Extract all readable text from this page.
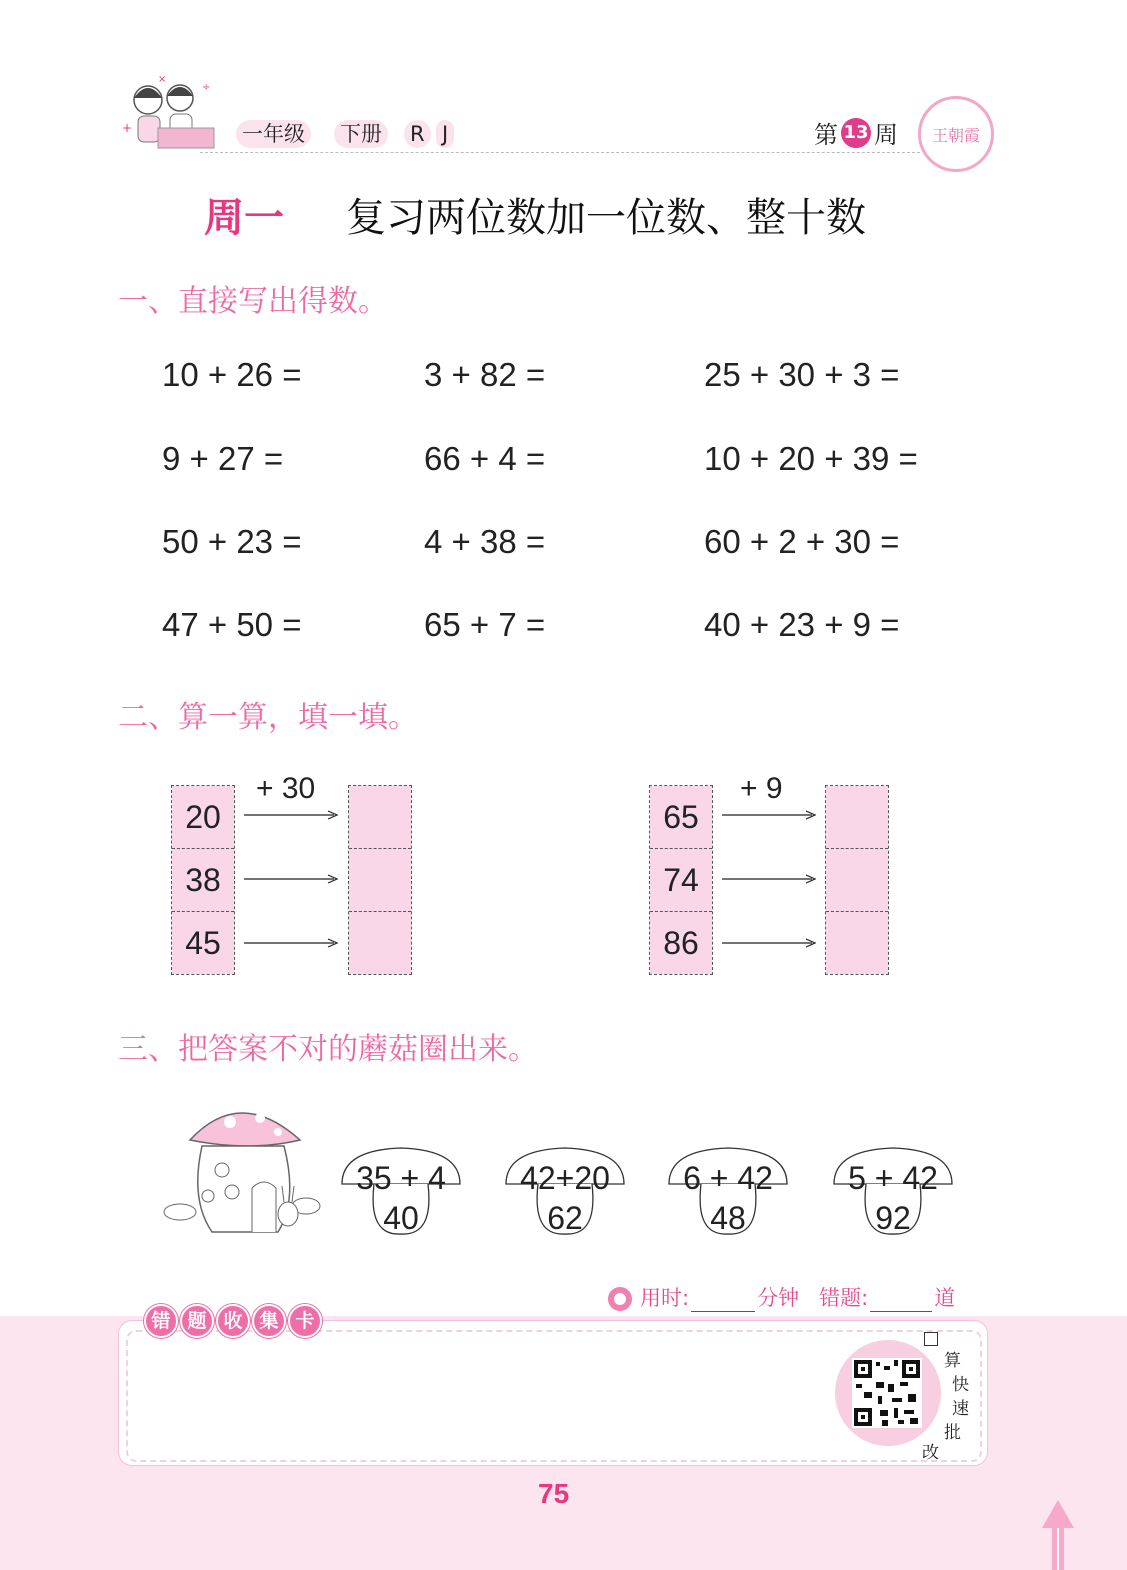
+
÷
×
一年级 下册 R J	第 13 周 王朝霞
周一 复习两位数加一位数、整十数
一、直接写出得数。
10 + 26 =	3 + 82 =	25 + 30 + 3 =
9 + 27 =	66 + 4 =	10 + 20 + 39 =
50 + 23 =	4 + 38 =	60 + 2 + 30 =
47 + 50 =	65 + 7 =	40 + 23 + 9 =
二、算一算，填一填。
+ 30
20
38
45
+ 9
65
74
86
三、把答案不对的蘑菇圈出来。
35 + 4
40
42+20
62
6 + 42
48
5 + 42
92
用时:	分钟 错题:	道
错 题 收 集 卡
算
快
速
批
改
75
